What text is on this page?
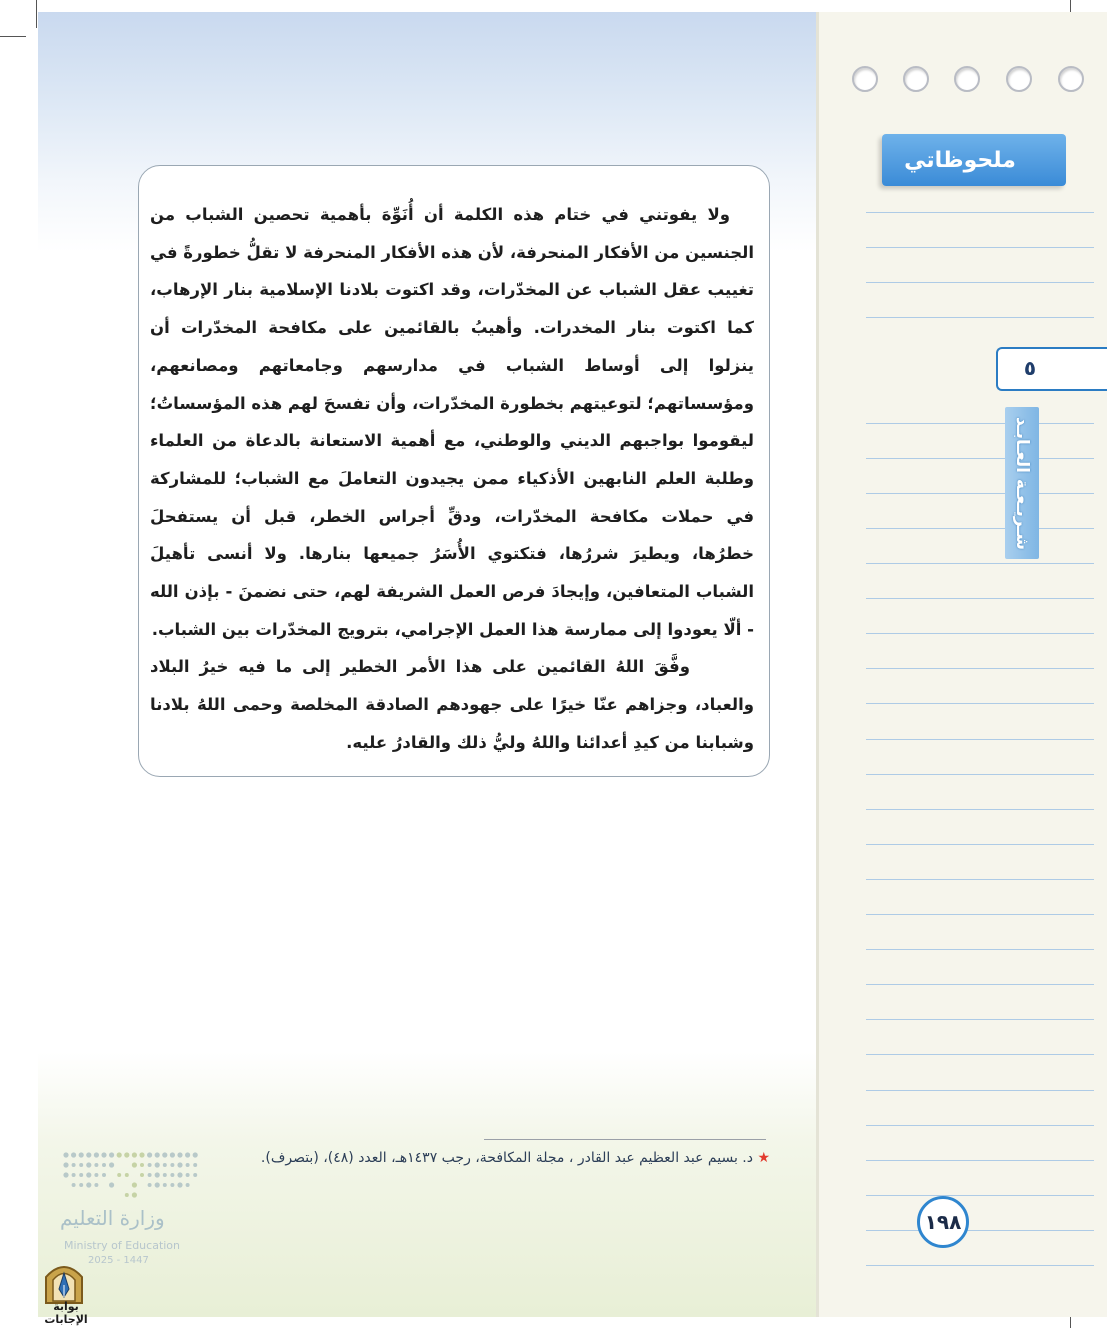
ملحوظاتي
٥
شـريـعـة العـابـد

ولا يفوتني في ختام هذه الكلمة أن أُنَوِّهَ بأهمية تحصين الشباب من الجنسين من الأفكار المنحرفة، لأن هذه الأفكار المنحرفة لا تقلُّ خطورةً في تغييب عقل الشباب عن المخدّرات، وقد اكتوت بلادنا الإسلامية بنار الإرهاب، كما اكتوت بنار المخدرات. وأهيبُ بالقائمين على مكافحة المخدّرات أن ينزلوا إلى أوساط الشباب في مدارسهم وجامعاتهم ومصانعهم، ومؤسساتهم؛ لتوعيتهم بخطورة المخدّرات، وأن تفسحَ لهم هذه المؤسساتُ؛ ليقوموا بواجبهم الديني والوطني، مع أهمية الاستعانة بالدعاة من العلماء وطلبة العلم النابهين الأذكياء ممن يجيدون التعاملَ مع الشباب؛ للمشاركة في حملات مكافحة المخدّرات، ودقِّ أجراس الخطر، قبل أن يستفحلَ خطرُها، ويطيرَ شررُها، فتكتوي الأُسَرُ جميعها بنارها. ولا أنسى تأهيلَ الشباب المتعافين، وإيجادَ فرص العمل الشريفة لهم، حتى نضمنَ - بإذن الله - ألّا يعودوا إلى ممارسة هذا العمل الإجرامي، بترويج المخدّرات بين الشباب.

وفَّقَ اللهُ القائمين على هذا الأمر الخطير إلى ما فيه خيرُ البلاد والعباد، وجزاهم عنّا خيرًا على جهودهم الصادقة المخلصة وحمى اللهُ بلادنا وشبابنا من كيدِ أعدائنا واللهُ وليُّ ذلك والقادرُ عليه.

★ د. بسيم عبد العظيم عبد القادر ، مجلة المكافحة، رجب ١٤٣٧هـ، العدد (٤٨)، (بتصرف).
١٩٨
وزارة التعليم
Ministry of Education
2025 - 1447
بوابة الإجابات
